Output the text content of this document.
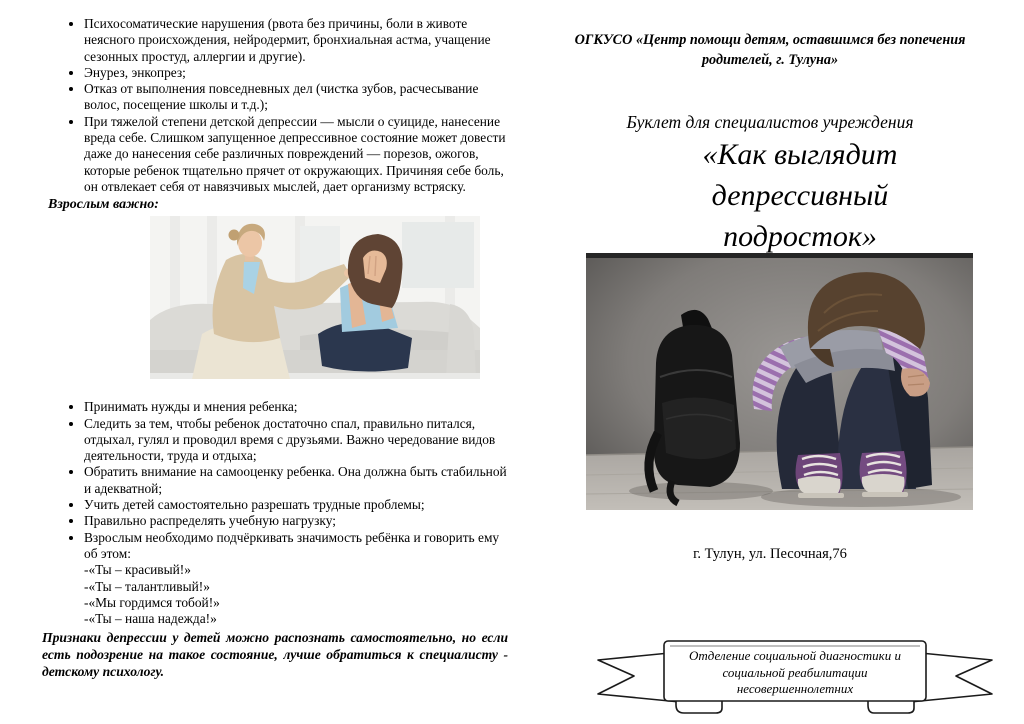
• Психосоматические нарушения (рвота без причины, боли в животе неясного происхождения, нейродермит, бронхиальная астма, учащение сезонных простуд, аллергии и другие).
• Энурез, энкопрез;
• Отказ от выполнения повседневных дел (чистка зубов, расчесывание волос, посещение школы и т.д.);
• При тяжелой степени детской депрессии — мысли о суициде, нанесение вреда себе. Слишком запущенное депрессивное состояние может довести даже до нанесения себе различных повреждений — порезов, ожогов, которые ребенок тщательно прячет от окружающих. Причиняя себе боль, он отвлекает себя от навязчивых мыслей, дает организму встряску.
Взрослым важно:
• Принимать нужды и мнения ребенка;
• Следить за тем, чтобы ребенок достаточно спал, правильно питался, отдыхал, гулял и проводил время с друзьями. Важно чередование видов деятельности, труда и отдыха;
• Обратить внимание на самооценку ребенка. Она должна быть стабильной и адекватной;
• Учить детей самостоятельно разрешать трудные проблемы;
• Правильно распределять учебную нагрузку;
• Взрослым необходимо подчёркивать значимость ребёнка и говорить ему об этом:
-«Ты – красивый!»
-«Ты – талантливый!»
-«Мы гордимся тобой!»
-«Ты – наша надежда!»
Признаки депрессии у детей можно распознать самостоятельно, но если есть подозрение на такое состояние, лучше обратиться к специалисту - детскому психологу.
ОГКУСО «Центр помощи детям, оставшимся без попечения родителей, г. Тулуна»
Буклет для специалистов учреждения
«Как выглядит депрессивный подросток»
г. Тулун, ул. Песочная,76
Отделение социальной диагностики и социальной реабилитации несовершеннолетних
